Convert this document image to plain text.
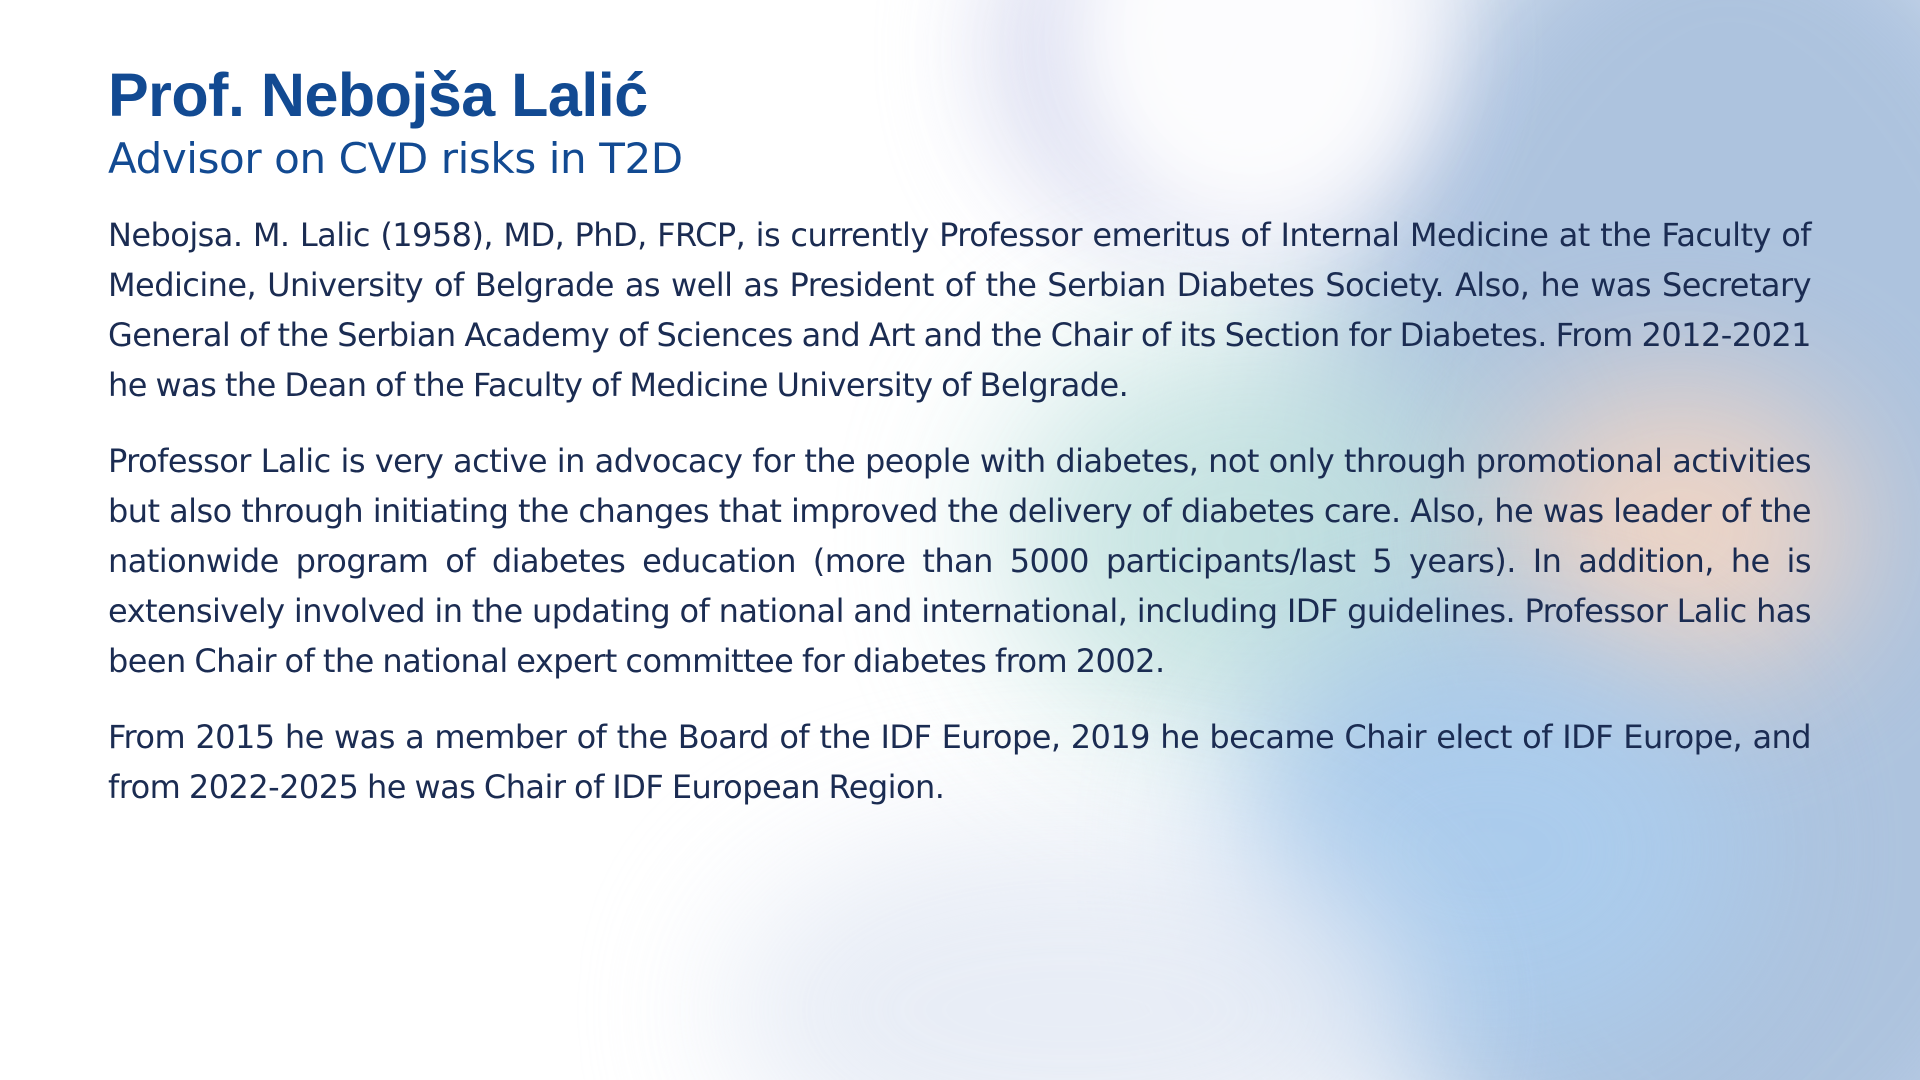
Prof. Nebojša Lalić
Advisor on CVD risks in T2D

Nebojsa. M. Lalic (1958), MD, PhD, FRCP, is currently Professor emeritus of Internal Medicine at the Faculty of Medicine, University of Belgrade as well as President of the Serbian Diabetes Society. Also, he was Secretary General of the Serbian Academy of Sciences and Art and the Chair of its Section for Diabetes. From 2012-2021 he was the Dean of the Faculty of Medicine University of Belgrade.

Professor Lalic is very active in advocacy for the people with diabetes, not only through promotional activities but also through initiating the changes that improved the delivery of diabetes care. Also, he was leader of the nationwide program of diabetes education (more than 5000 participants/last 5 years). In addition, he is extensively involved in the updating of national and international, including IDF guidelines. Professor Lalic has been Chair of the national expert committee for diabetes from 2002.

From 2015 he was a member of the Board of the IDF Europe, 2019 he became Chair elect of IDF Europe, and from 2022-2025 he was Chair of IDF European Region.
